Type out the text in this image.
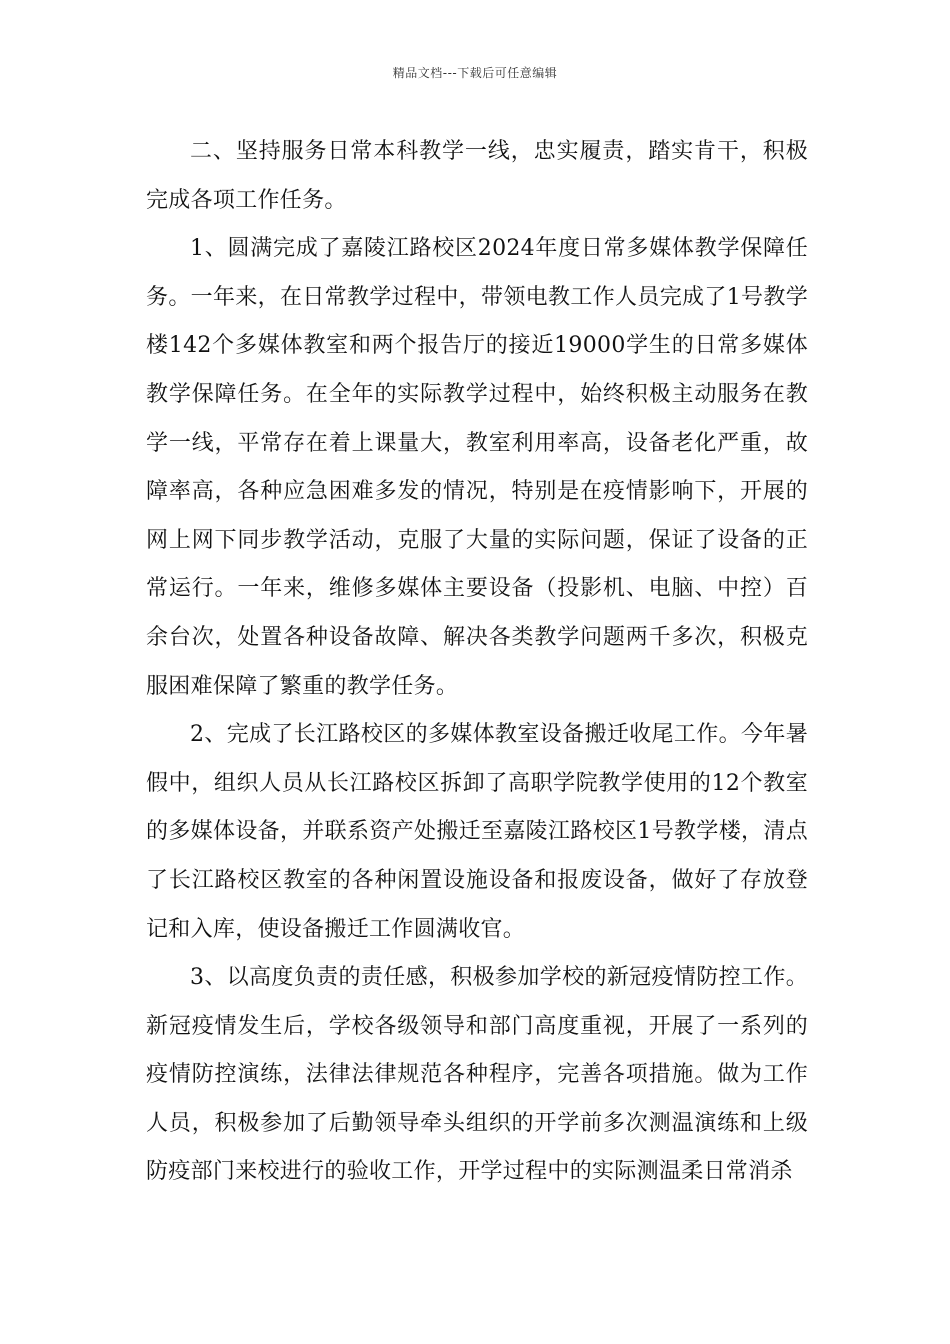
精品文档---下载后可任意编辑

二、坚持服务日常本科教学一线，忠实履责，踏实肯干，积极完成各项工作任务。

1、圆满完成了嘉陵江路校区2024年度日常多媒体教学保障任务。一年来，在日常教学过程中，带领电教工作人员完成了1号教学楼142个多媒体教室和两个报告厅的接近19000学生的日常多媒体教学保障任务。在全年的实际教学过程中，始终积极主动服务在教学一线，平常存在着上课量大，教室利用率高，设备老化严重，故障率高，各种应急困难多发的情况，特别是在疫情影响下，开展的网上网下同步教学活动，克服了大量的实际问题，保证了设备的正常运行。一年来，维修多媒体主要设备（投影机、电脑、中控）百余台次，处置各种设备故障、解决各类教学问题两千多次，积极克服困难保障了繁重的教学任务。

2、完成了长江路校区的多媒体教室设备搬迁收尾工作。今年暑假中，组织人员从长江路校区拆卸了高职学院教学使用的12个教室的多媒体设备，并联系资产处搬迁至嘉陵江路校区1号教学楼，清点了长江路校区教室的各种闲置设施设备和报废设备，做好了存放登记和入库，使设备搬迁工作圆满收官。

3、以高度负责的责任感，积极参加学校的新冠疫情防控工作。新冠疫情发生后，学校各级领导和部门高度重视，开展了一系列的疫情防控演练，法律法律规范各种程序，完善各项措施。做为工作人员，积极参加了后勤领导牵头组织的开学前多次测温演练和上级防疫部门来校进行的验收工作，开学过程中的实际测温柔日常消杀
